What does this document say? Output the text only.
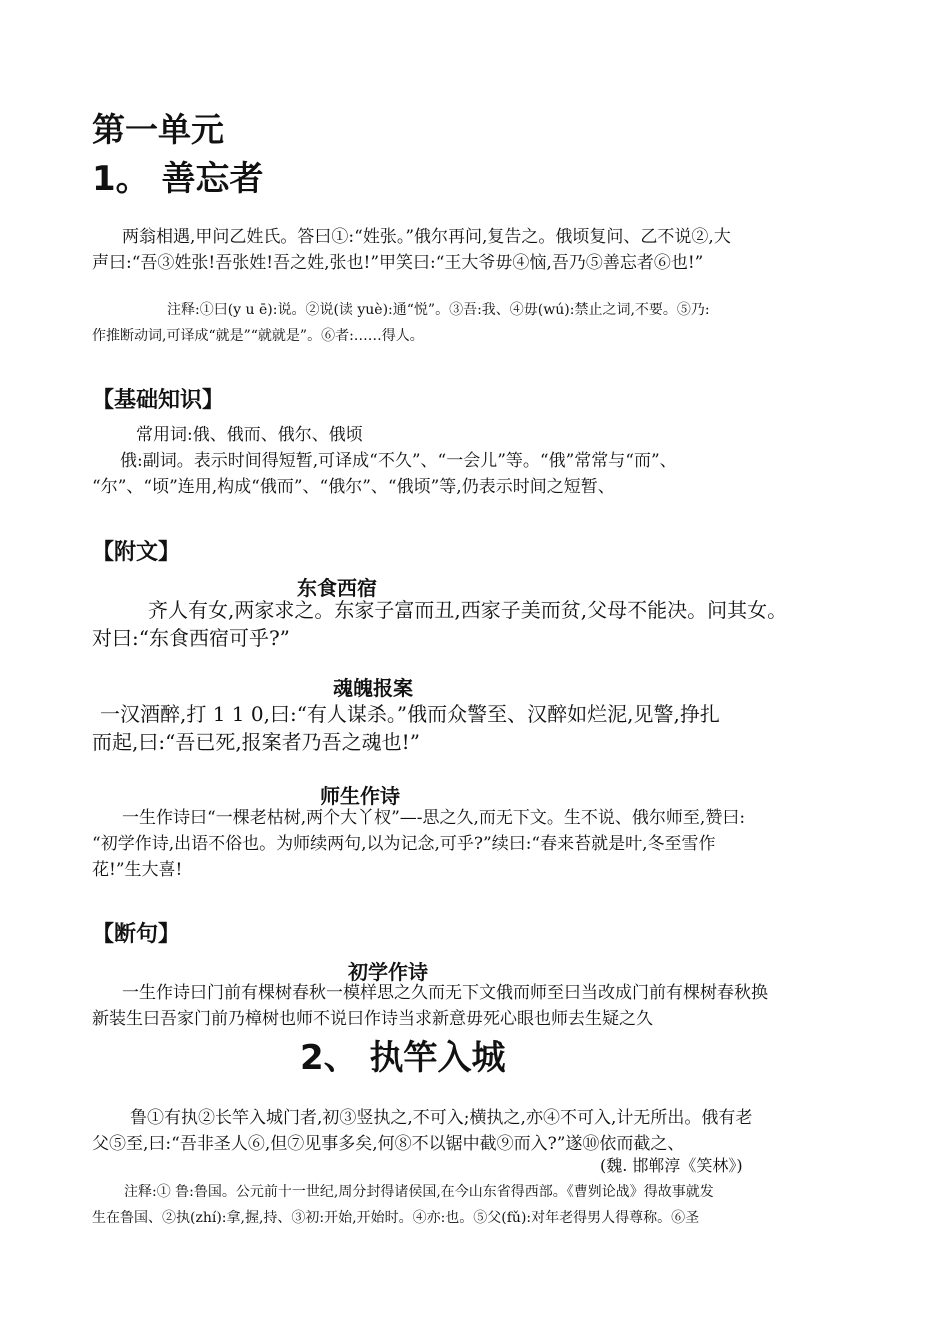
第一单元
1。 善忘者
两翁相遇,甲问乙姓氏。答曰①:“姓张。”俄尔再问,复告之。俄顷复问、乙不说②,大
声曰:“吾③姓张!吾张姓!吾之姓,张也!”甲笑曰:“王大爷毋④恼,吾乃⑤善忘者⑥也!”
注释:①曰(y u ē):说。②说(读 yuè):通“悦”。③吾:我、④毋(wú):禁止之词,不要。⑤乃:
作推断动词,可译成“就是”“就就是”。⑥者:……得人。
【基础知识】
常用词:俄、俄而、俄尔、俄顷
俄:副词。表示时间得短暂,可译成“不久”、“一会儿”等。“俄”常常与“而”、
“尔”、“顷”连用,构成“俄而”、“俄尔”、“俄顷”等,仍表示时间之短暂、
【附文】
东食西宿
齐人有女,两家求之。东家子富而丑,西家子美而贫,父母不能决。问其女。
对曰:“东食西宿可乎?”
魂魄报案
一汉酒醉,打 1 1 0,曰:“有人谋杀。”俄而众警至、汉醉如烂泥,见警,挣扎
而起,曰:“吾已死,报案者乃吾之魂也!”
师生作诗
一生作诗曰“一棵老枯树,两个大丫杈”—-思之久,而无下文。生不说、俄尔师至,赞曰:
“初学作诗,出语不俗也。为师续两句,以为记念,可乎?”续曰:“春来苔就是叶,冬至雪作
花!”生大喜!
【断句】
初学作诗
一生作诗曰门前有棵树春秋一模样思之久而无下文俄而师至曰当改成门前有棵树春秋换
新装生曰吾家门前乃樟树也师不说曰作诗当求新意毋死心眼也师去生疑之久
2、 执竿入城
鲁①有执②长竿入城门者,初③竖执之,不可入;横执之,亦④不可入,计无所出。俄有老
父⑤至,曰:“吾非圣人⑥,但⑦见事多矣,何⑧不以锯中截⑨而入?”遂⑩依而截之、
(魏. 邯郸淳《笑林》)
注释:① 鲁:鲁国。公元前十一世纪,周分封得诸侯国,在今山东省得西部。《曹刿论战》得故事就发
生在鲁国、②执(zhí):拿,握,持、③初:开始,开始时。④亦:也。⑤父(fǔ):对年老得男人得尊称。⑥圣
